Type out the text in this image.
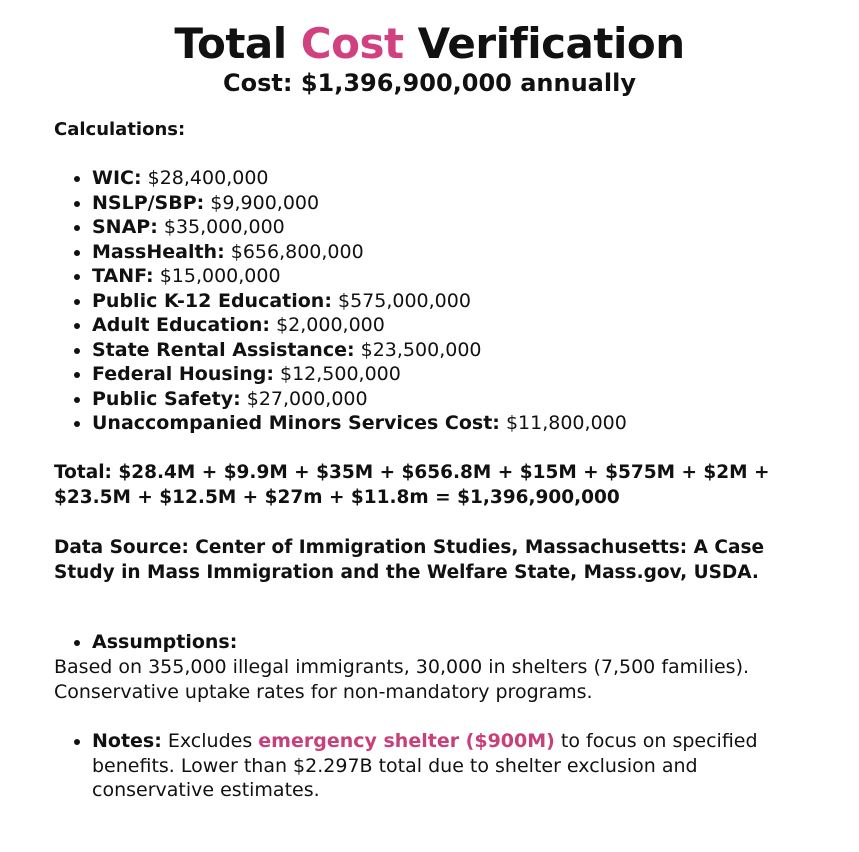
Total Cost Verification
Cost: $1,396,900,000 annually
Calculations:
• WIC: $28,400,000
• NSLP/SBP: $9,900,000
• SNAP: $35,000,000
• MassHealth: $656,800,000
• TANF: $15,000,000
• Public K-12 Education: $575,000,000
• Adult Education: $2,000,000
• State Rental Assistance: $23,500,000
• Federal Housing: $12,500,000
• Public Safety: $27,000,000
• Unaccompanied Minors Services Cost: $11,800,000
Total: $28.4M + $9.9M + $35M + $656.8M + $15M + $575M + $2M + $23.5M + $12.5M + $27m + $11.8m = $1,396,900,000
Data Source: Center of Immigration Studies, Massachusetts: A Case Study in Mass Immigration and the Welfare State, Mass.gov, USDA.
• Assumptions:
Based on 355,000 illegal immigrants, 30,000 in shelters (7,500 families). Conservative uptake rates for non-mandatory programs.
• Notes: Excludes emergency shelter ($900M) to focus on specified benefits. Lower than $2.297B total due to shelter exclusion and conservative estimates.
